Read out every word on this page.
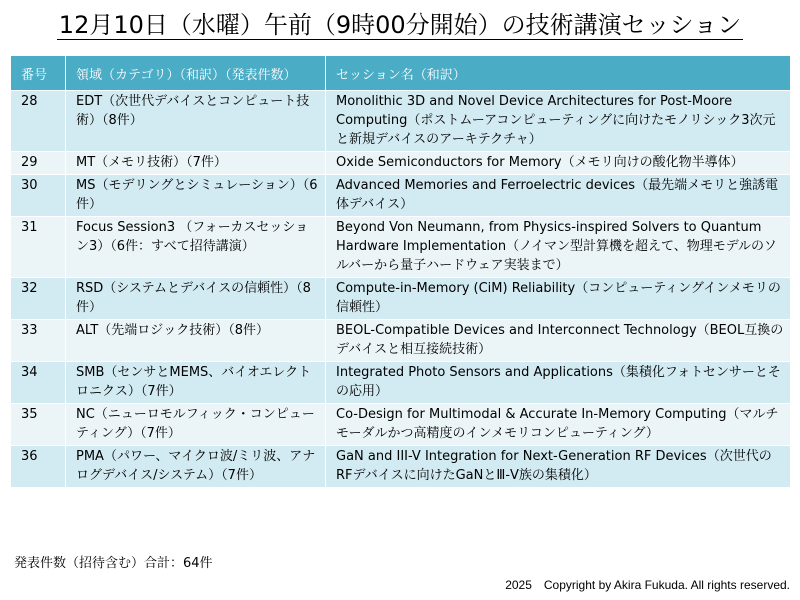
12月10日（水曜）午前（9時00分開始）の技術講演セッション
番号	領域（カテゴリ）（和訳）（発表件数）	セッション名（和訳）
28	EDT（次世代デバイスとコンピュート技術）（8件）	Monolithic 3D and Novel Device Architectures for Post-Moore Computing（ポストムーアコンピューティングに向けたモノリシック3次元と新規デバイスのアーキテクチャ）
29	MT（メモリ技術）（7件）	Oxide Semiconductors for Memory（メモリ向けの酸化物半導体）
30	MS（モデリングとシミュレーション）（6件）	Advanced Memories and Ferroelectric devices（最先端メモリと強誘電体デバイス）
31	Focus Session3 （フォーカスセッション3）（6件：すべて招待講演）	Beyond Von Neumann, from Physics-inspired Solvers to Quantum Hardware Implementation（ノイマン型計算機を超えて、物理モデルのソルバーから量子ハードウェア実装まで）
32	RSD（システムとデバイスの信頼性）（8件）	Compute-in-Memory (CiM) Reliability（コンピューティングインメモリの信頼性）
33	ALT（先端ロジック技術）（8件）	BEOL-Compatible Devices and Interconnect Technology（BEOL互換のデバイスと相互接続技術）
34	SMB（センサとMEMS、バイオエレクトロニクス）（7件）	Integrated Photo Sensors and Applications（集積化フォトセンサーとその応用）
35	NC（ニューロモルフィック・コンピューティング）（7件）	Co-Design for Multimodal & Accurate In-Memory Computing（マルチモーダルかつ高精度のインメモリコンピューティング）
36	PMA（パワー、マイクロ波/ミリ波、アナログデバイス/システム）（7件）	GaN and III-V Integration for Next-Generation RF Devices（次世代のRFデバイスに向けたGaNとⅢ-Ⅴ族の集積化）
発表件数（招待含む）合計：64件
2025　Copyright by Akira Fukuda. All rights reserved.
